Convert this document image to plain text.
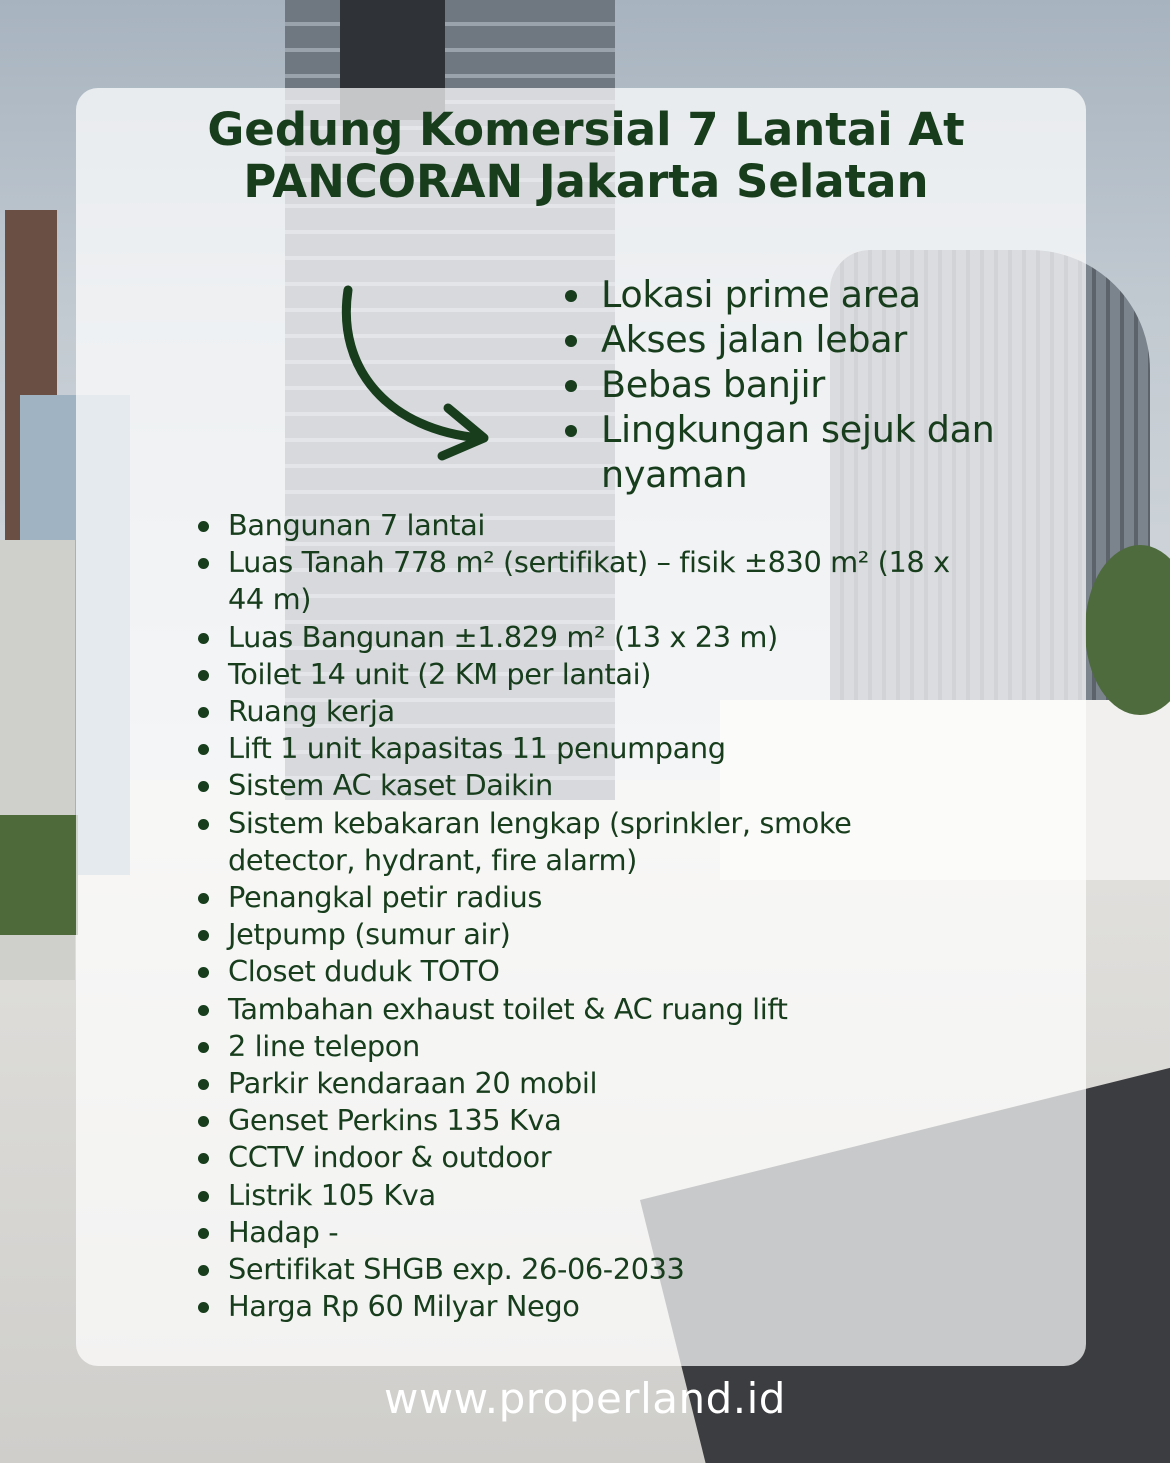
Gedung Komersial 7 Lantai At
PANCORAN Jakarta Selatan
Lokasi prime area
Akses jalan lebar
Bebas banjir
Lingkungan sejuk dan nyaman
Bangunan 7 lantai
Luas Tanah 778 m² (sertifikat) – fisik ±830 m² (18 x 44 m)
Luas Bangunan ±1.829 m² (13 x 23 m)
Toilet 14 unit (2 KM per lantai)
Ruang kerja
Lift 1 unit kapasitas 11 penumpang
Sistem AC kaset Daikin
Sistem kebakaran lengkap (sprinkler, smoke detector, hydrant, fire alarm)
Penangkal petir radius
Jetpump (sumur air)
Closet duduk TOTO
Tambahan exhaust toilet & AC ruang lift
2 line telepon
Parkir kendaraan 20 mobil
Genset Perkins 135 Kva
CCTV indoor & outdoor
Listrik 105 Kva
Hadap -
Sertifikat SHGB exp. 26-06-2033
Harga Rp 60 Milyar Nego
www.properland.id
